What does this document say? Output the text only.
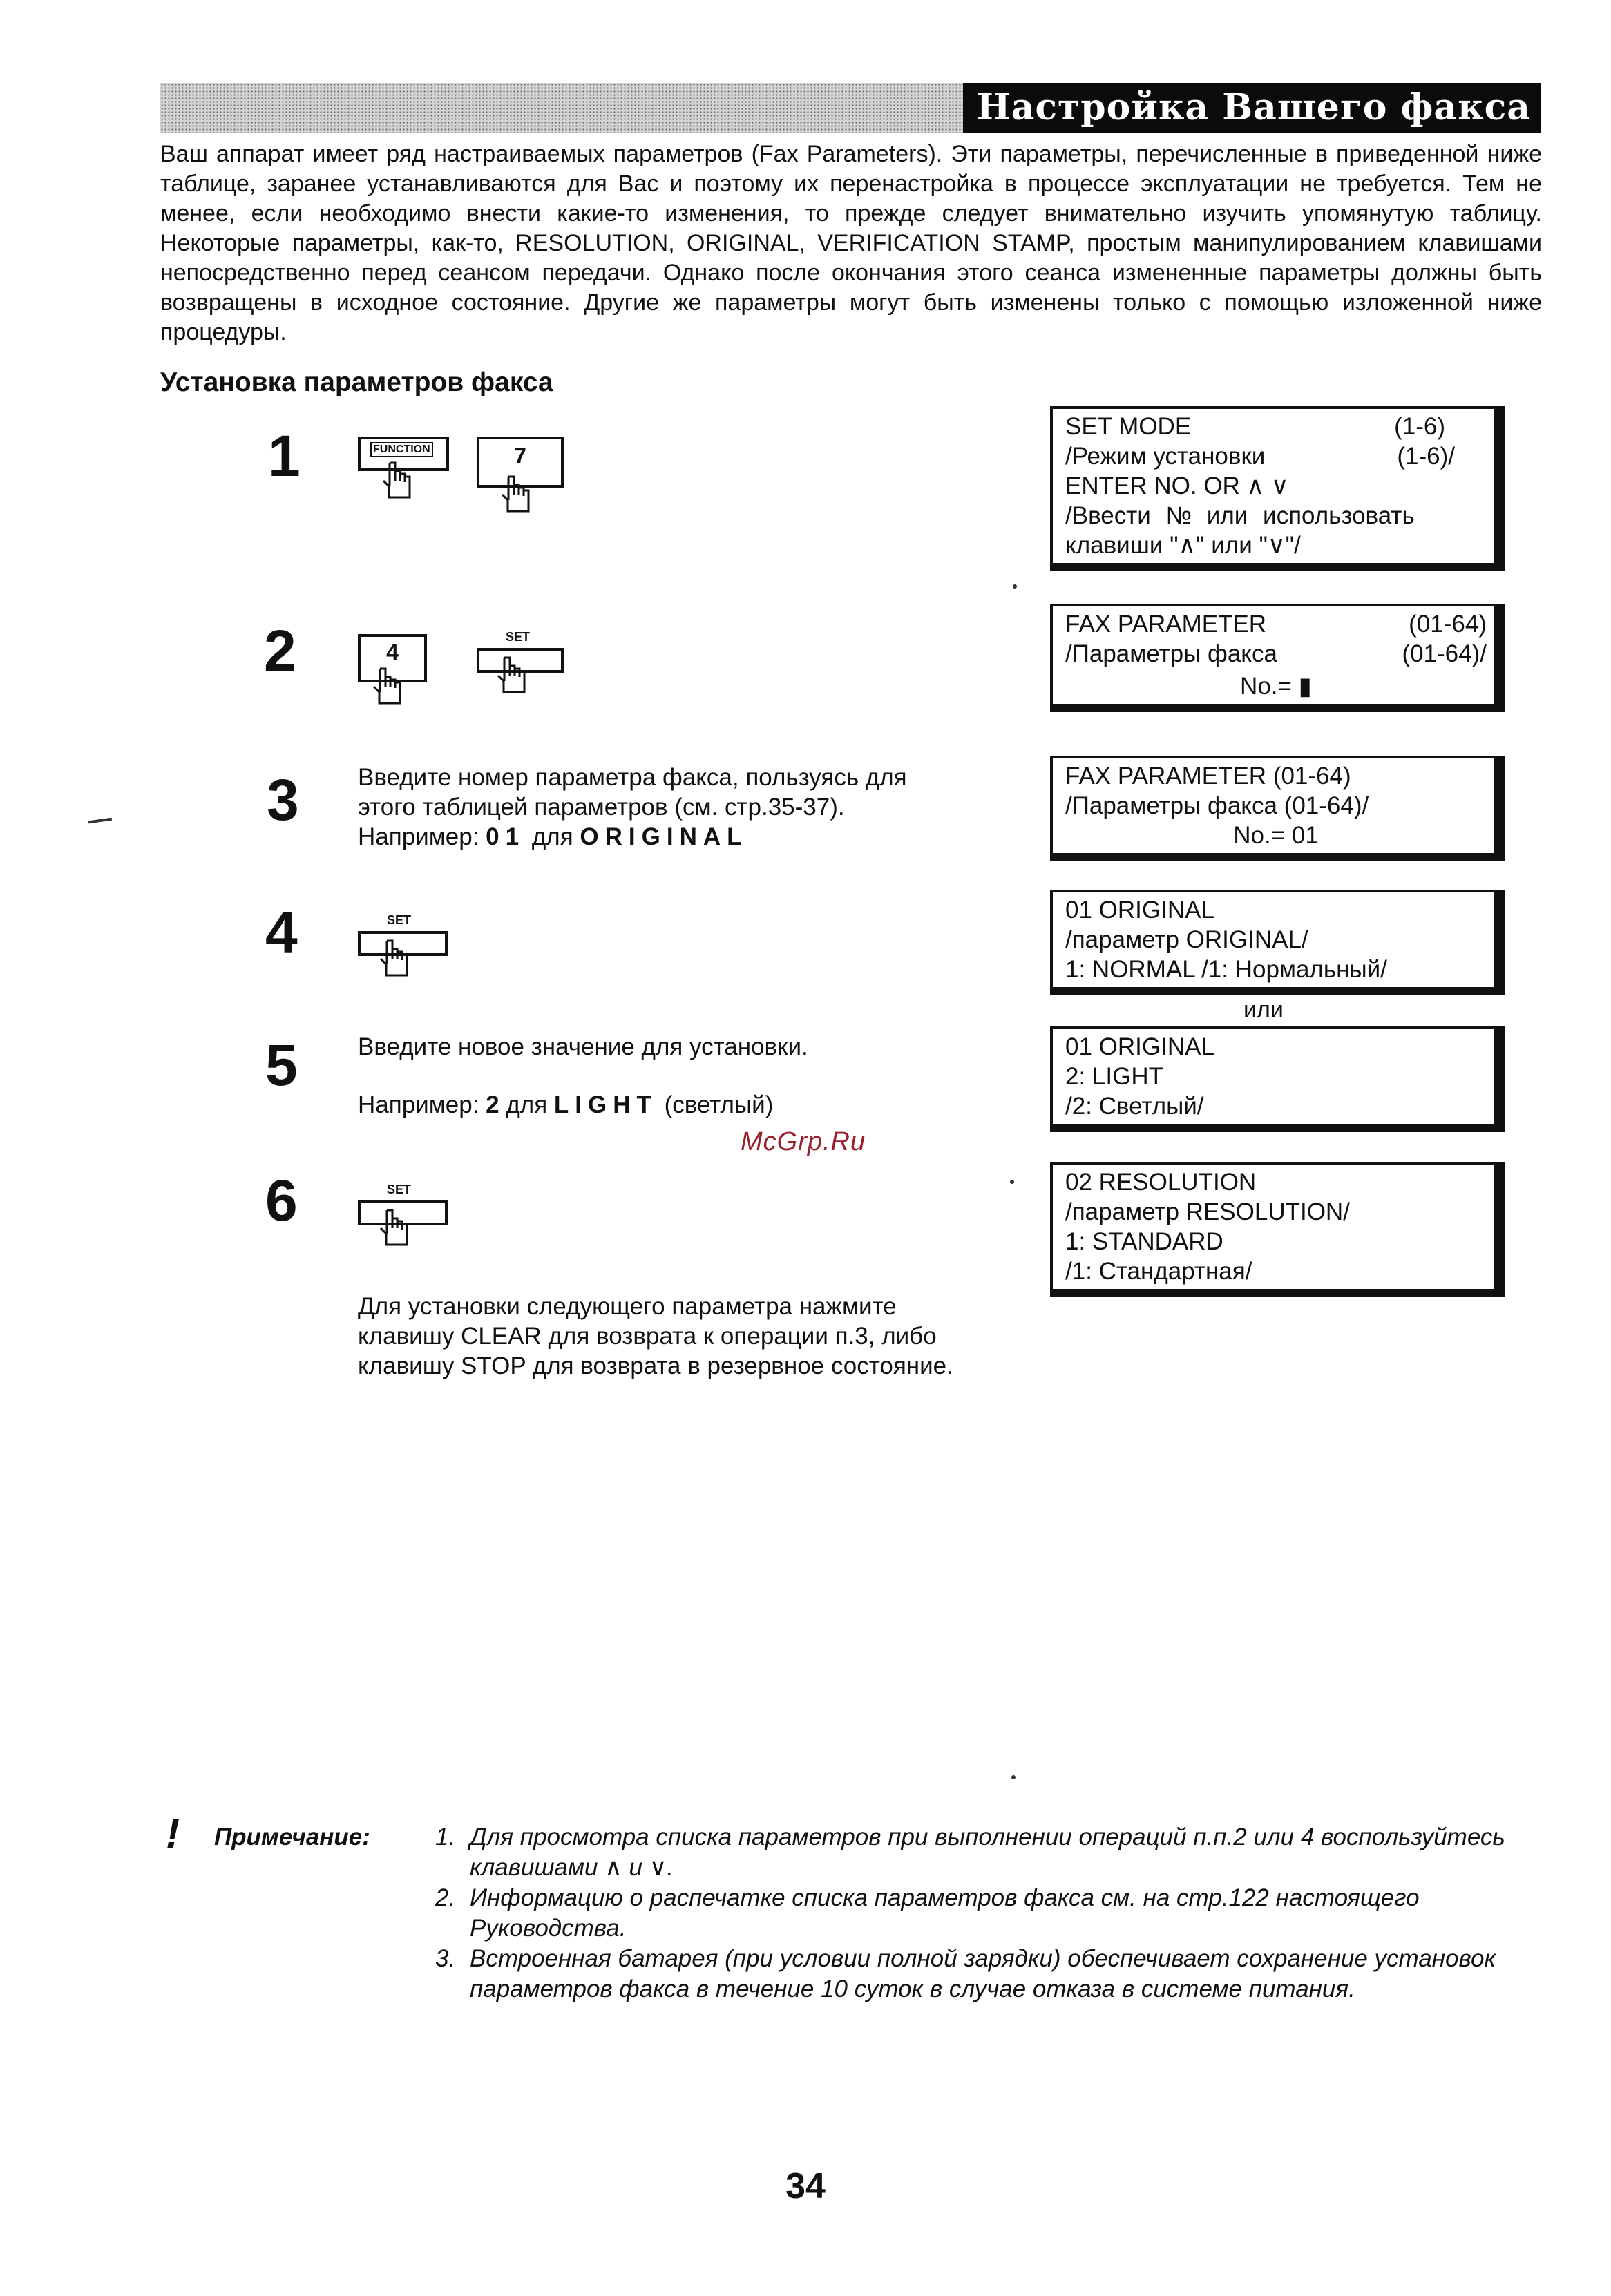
Настройка Вашего факса
Ваш аппарат имеет ряд настраиваемых параметров (Fax Parameters). Эти параметры, перечисленные в приведенной ниже таблице, заранее устанавливаются для Вас и поэтому их перенастройка в процессе эксплуатации не требуется. Тем не менее, если необходимо внести какие-то изменения, то прежде следует внимательно изучить упомянутую таблицу. Некоторые параметры, как-то, RESOLUTION, ORIGINAL, VERIFICATION STAMP, простым манипулированием клавишами непосредственно перед сеансом передачи. Однако после окончания этого сеанса измененные параметры должны быть возвращены в исходное состояние. Другие же параметры могут быть изменены только с помощью изложенной ниже процедуры.
Установка параметров факса
1	FUNCTION	7
2	4
SET
3 Введите номер параметра факса, пользуясь для
этого таблицей параметров (см. стр.35-37).
Например: 01 для ORIGINAL
4	SET
5 Введите новое значение для установки.
Например: 2 для LIGHT (светлый)
6	SET
Для установки следующего параметра нажмите
клавишу CLEAR для возврата к операции п.3, либо
клавишу STOP для возврата в резервное состояние.
SET MODE	(1-6)
/Режим установки	(1-6)/
ENTER NO. OR ∧ ∨
/Ввести № или использовать
клавиши "∧" или "∨"/
FAX PARAMETER	(01-64)
/Параметры факса	(01-64)/
No.= ▮
FAX PARAMETER (01-64)
/Параметры факса (01-64)/
No.= 01
01 ORIGINAL
/параметр ORIGINAL/
1: NORMAL /1: Нормальный/
или
01 ORIGINAL
2: LIGHT
/2: Светлый/
02 RESOLUTION
/параметр RESOLUTION/
1: STANDARD
/1: Стандартная/
McGrp.Ru
! Примечание:	1. Для просмотра списка параметров при выполнении операций п.п.2 или 4 воспользуйтесь клавишами ∧ и ∨.
2. Информацию о распечатке списка параметров факса см. на стр.122 настоящего Руководства.
3. Встроенная батарея (при условии полной зарядки) обеспечивает сохранение установок параметров факса в течение 10 суток в случае отказа в системе питания.
34
